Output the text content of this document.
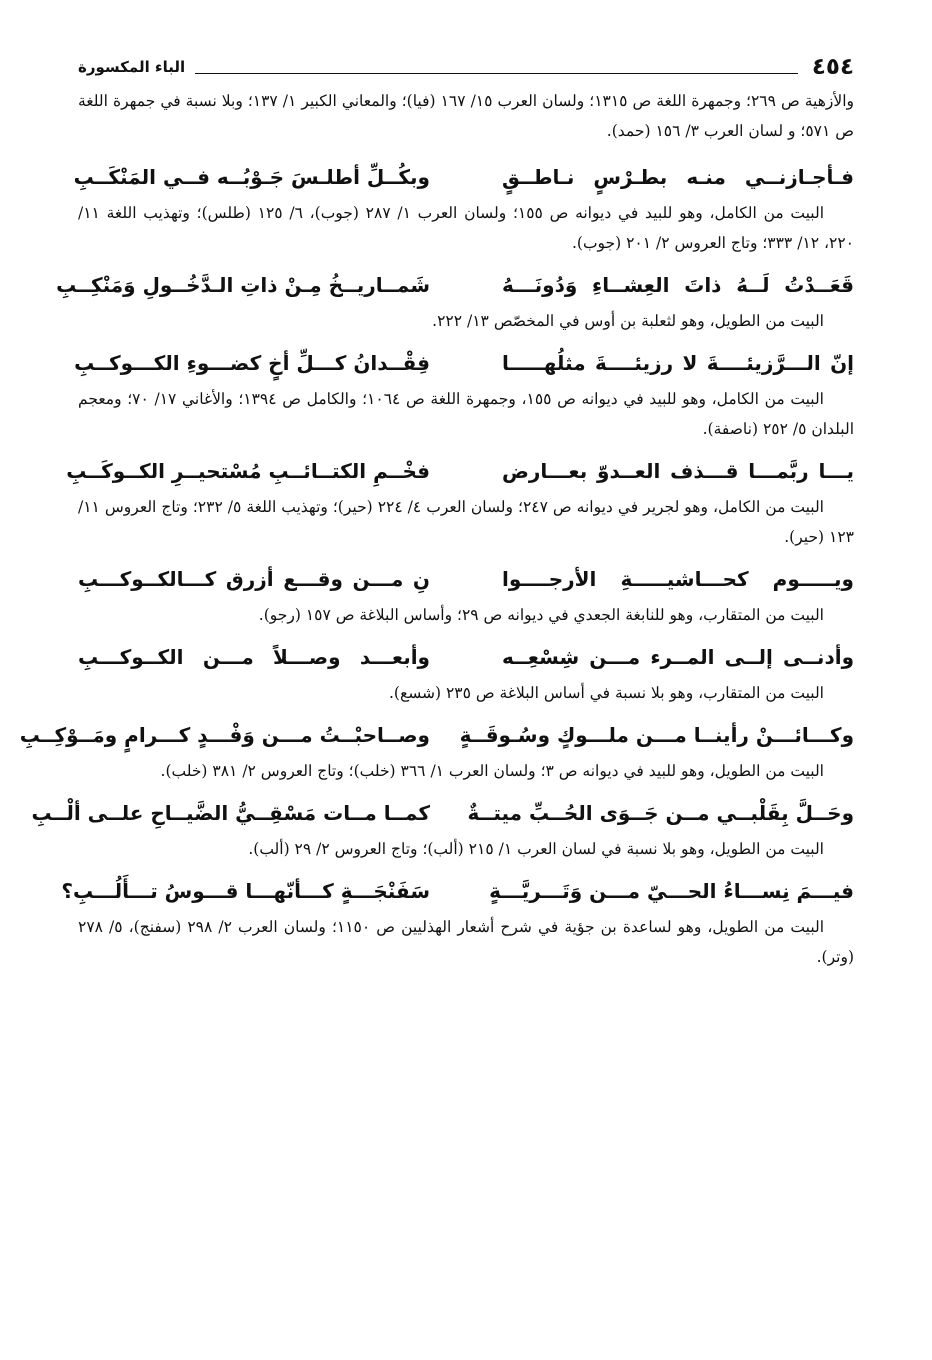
٤٥٤
الباء المكسورة

والأزهية ص ٢٦٩؛ وجمهرة اللغة ص ١٣١٥؛ ولسان العرب ١٥/ ١٦٧ (فيا)؛ والمعاني الكبير ١/ ١٣٧؛ وبلا نسبة في جمهرة اللغة ص ٥٧١؛ و لسان العرب ٣/ ١٥٦ (حمد).

فـأجـازنــي منـه بطـرْسٍ نـاطــقٍ
وبكُــلِّ أطلـسَ جَـوْبُــه فــي المَنْكَــبِ

البيت من الكامل، وهو للبيد في ديوانه ص ١٥٥؛ ولسان العرب ١/ ٢٨٧ (جوب)، ٦/ ١٢٥ (طلس)؛ وتهذيب اللغة ١١/ ٢٢٠، ١٢/ ٣٣٣؛ وتاج العروس ٢/ ٢٠١ (جوب).

قَعَــدْتُ لَــهُ ذاتَ العِشــاءِ وَدُونَـــهُ
شَمــاريــخُ مِـنْ ذاتِ الـدَّخُــولِ وَمَنْكِــبِ

البيت من الطويل، وهو لثعلبة بن أوس في المخصّص ١٣/ ٢٢٢.

إنّ الـــرَّزيئــــةَ لا رزيئــــةَ مثلُهـــــا
فِقْــدانُ كـــلِّ أخٍ كضـــوءِ الكـــوكــبِ

البيت من الكامل، وهو للبيد في ديوانه ص ١٥٥، وجمهرة اللغة ص ١٠٦٤؛ والكامل ص ١٣٩٤؛ والأغاني ١٧/ ٧٠؛ ومعجم البلدان ٥/ ٢٥٢ (ناصفة).

يـــا ربَّمـــا قـــذف العــدوّ بعـــارض
فخْــمِ الكتــائــبِ مُسْتحيــرِ الكــوكَــبِ

البيت من الكامل، وهو لجرير في ديوانه ص ٢٤٧؛ ولسان العرب ٤/ ٢٢٤ (حير)؛ وتهذيب اللغة ٥/ ٢٣٢؛ وتاج العروس ١١/ ١٢٣ (حير).

ويـــــوم كحـــاشيـــــةِ الأرجــــوا
نِ مـــن وقـــع أزرق كـــالكــوكـــبِ

البيت من المتقارب، وهو للنابغة الجعدي في ديوانه ص ٢٩؛ وأساس البلاغة ص ١٥٧ (رجو).

وأدنــى إلــى المــرء مـــن شِسْعِــه
وأبعـــد وصـــلاً مـــن الكــوكـــبِ

البيت من المتقارب، وهو بلا نسبة في أساس البلاغة ص ٢٣٥ (شسع).

وكـــائـــنْ رأينــا مـــن ملـــوكٍ وسُـوقَــةٍ
وصــاحبْــتُ مـــن وَفْـــدٍ كـــرامٍ ومَــوْكِــبِ

البيت من الطويل، وهو للبيد في ديوانه ص ٣؛ ولسان العرب ١/ ٣٦٦ (خلب)؛ وتاج العروس ٢/ ٣٨١ (خلب).

وحَــلَّ بِقَلْبــي مــن جَــوَى الحُــبِّ ميتــةٌ
كمــا مــات مَسْقِــيُّ الضَّيــاحِ علــى ألْــبِ

البيت من الطويل، وهو بلا نسبة في لسان العرب ١/ ٢١٥ (ألب)؛ وتاج العروس ٢/ ٢٩ (ألب).

فيـــمَ نِســـاءُ الحـــيّ مـــن وَتَـــريَّـــةٍ
سَفَنْجَـــةٍ كـــأنّهـــا قـــوسُ تـــأَلُـــبِ؟

البيت من الطويل، وهو لساعدة بن جؤية في شرح أشعار الهذليين ص ١١٥٠؛ ولسان العرب ٢/ ٢٩٨ (سفنج)، ٥/ ٢٧٨ (وتر).
